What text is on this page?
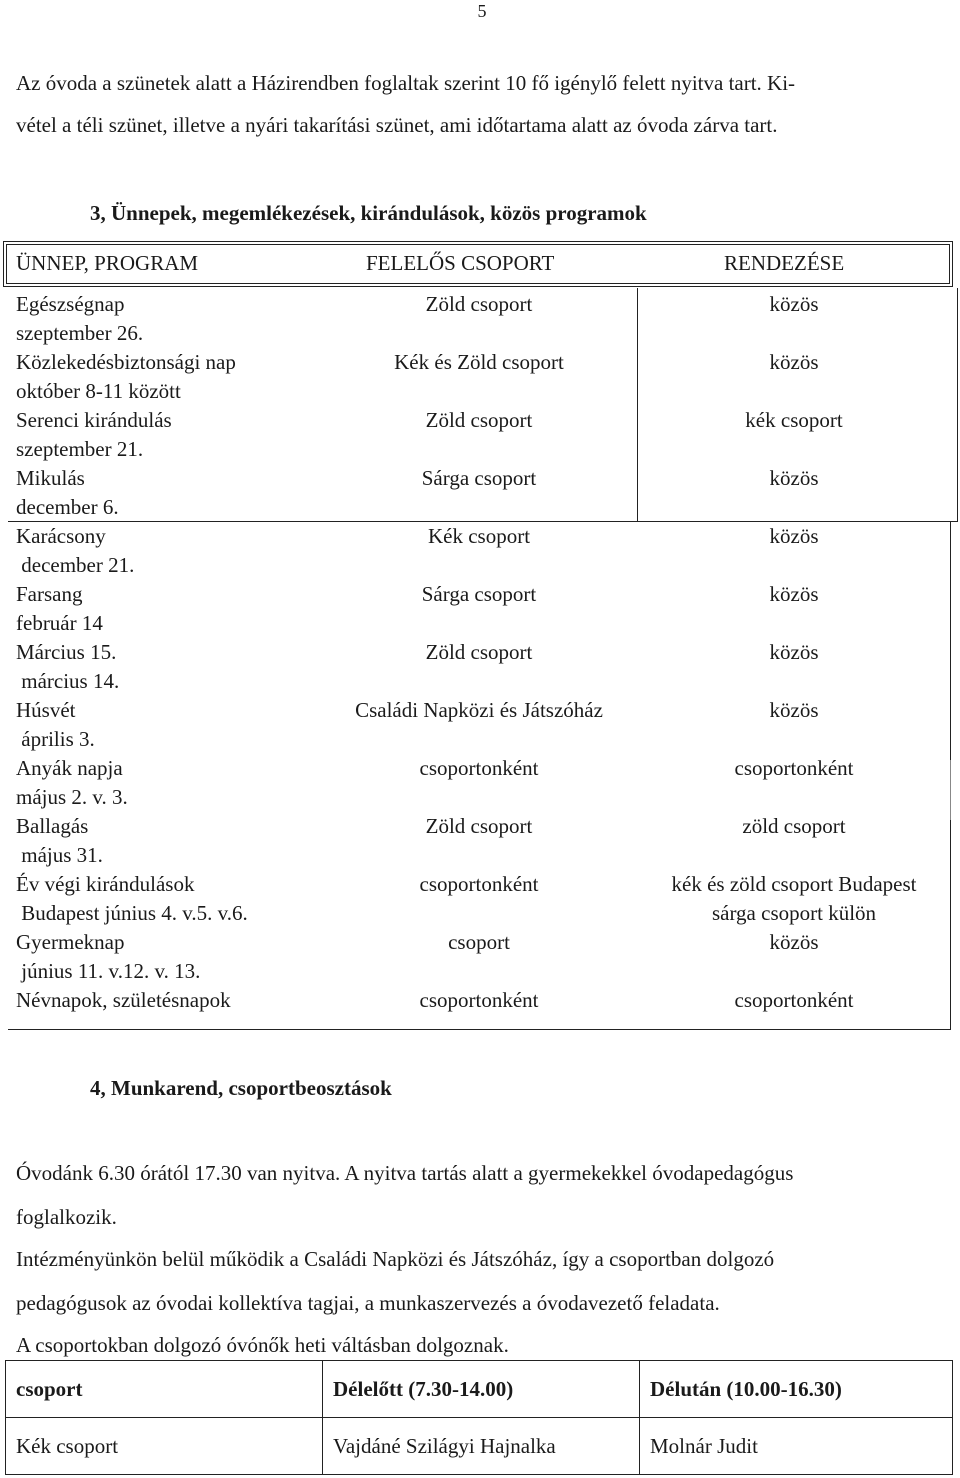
5
Az óvoda a szünetek alatt a Házirendben foglaltak szerint 10 fő igénylő felett nyitva tart. Ki-
vétel a téli szünet, illetve a nyári takarítási szünet, ami időtartama alatt az óvoda zárva tart.
3, Ünnepek, megemlékezések, kirándulások, közös programok
ÜNNEP, PROGRAM	FELELŐS CSOPORT	RENDEZÉSE
Egészségnap
szeptember 26.
Zöld csoport	közös
Közlekedésbiztonsági nap
október 8-11 között
Kék és Zöld csoport	közös
Serenci kirándulás
szeptember 21.
Zöld csoport	kék csoport
Mikulás
december 6.
Sárga csoport	közös
Karácsony
december 21.
Kék csoport	közös
Farsang
február 14
Sárga csoport	közös
Március 15.
március 14.
Zöld csoport	közös
Húsvét
április 3.
Családi Napközi és Játszóház	közös
Anyák napja
május 2. v. 3.
csoportonként	csoportonként
Ballagás
május 31.
Zöld csoport	zöld csoport
Év végi kirándulások
Budapest június 4. v.5. v.6.
csoportonként	kék és zöld csoport Budapest
sárga csoport külön
Gyermeknap
június 11. v.12. v. 13.
csoport	közös
Névnapok, születésnapok	csoportonként	csoportonként
4, Munkarend, csoportbeosztások
Óvodánk 6.30 órától 17.30 van nyitva. A nyitva tartás alatt a gyermekekkel óvodapedagógus
foglalkozik.
Intézményünkön belül működik a Családi Napközi és Játszóház, így a csoportban dolgozó
pedagógusok az óvodai kollektíva tagjai, a munkaszervezés a óvodavezető feladata.
A csoportokban dolgozó óvónők heti váltásban dolgoznak.
csoport	Délelőtt (7.30-14.00)	Délután (10.00-16.30)
Kék csoport	Vajdáné Szilágyi Hajnalka	Molnár Judit
